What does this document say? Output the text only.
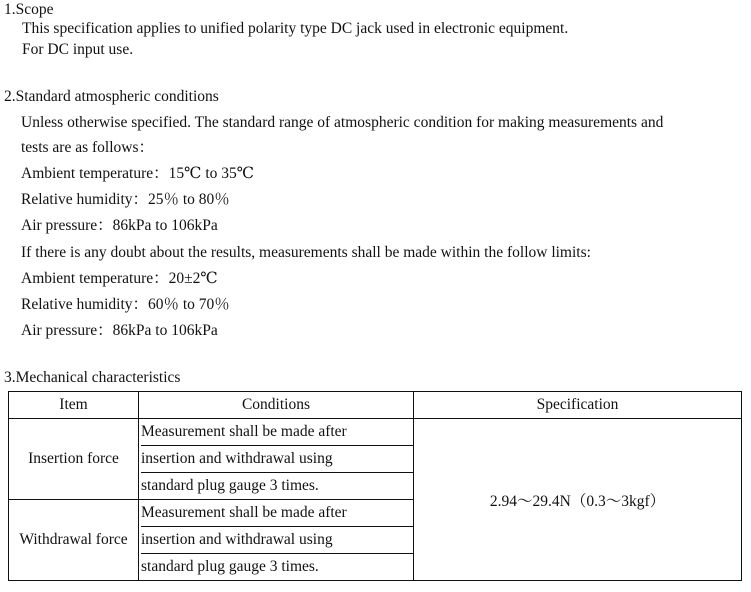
1.Scope
This specification applies to unified polarity type DC jack used in electronic equipment.
For DC input use.
2.Standard atmospheric conditions
Unless otherwise specified. The standard range of atmospheric condition for making measurements and
tests are as follows：
Ambient temperature：15℃ to 35℃
Relative humidity：25％ to 80％
Air pressure：86kPa to 106kPa
If there is any doubt about the results, measurements shall be made within the follow limits:
Ambient temperature：20±2℃
Relative humidity：60％ to 70％
Air pressure：86kPa to 106kPa
3.Mechanical characteristics
Item	Conditions	Specification
Insertion force	Measurement shall be made after
insertion and withdrawal using
standard plug gauge 3 times.	2.94～29.4N（0.3～3kgf）
Withdrawal force	Measurement shall be made after
insertion and withdrawal using
standard plug gauge 3 times.	
